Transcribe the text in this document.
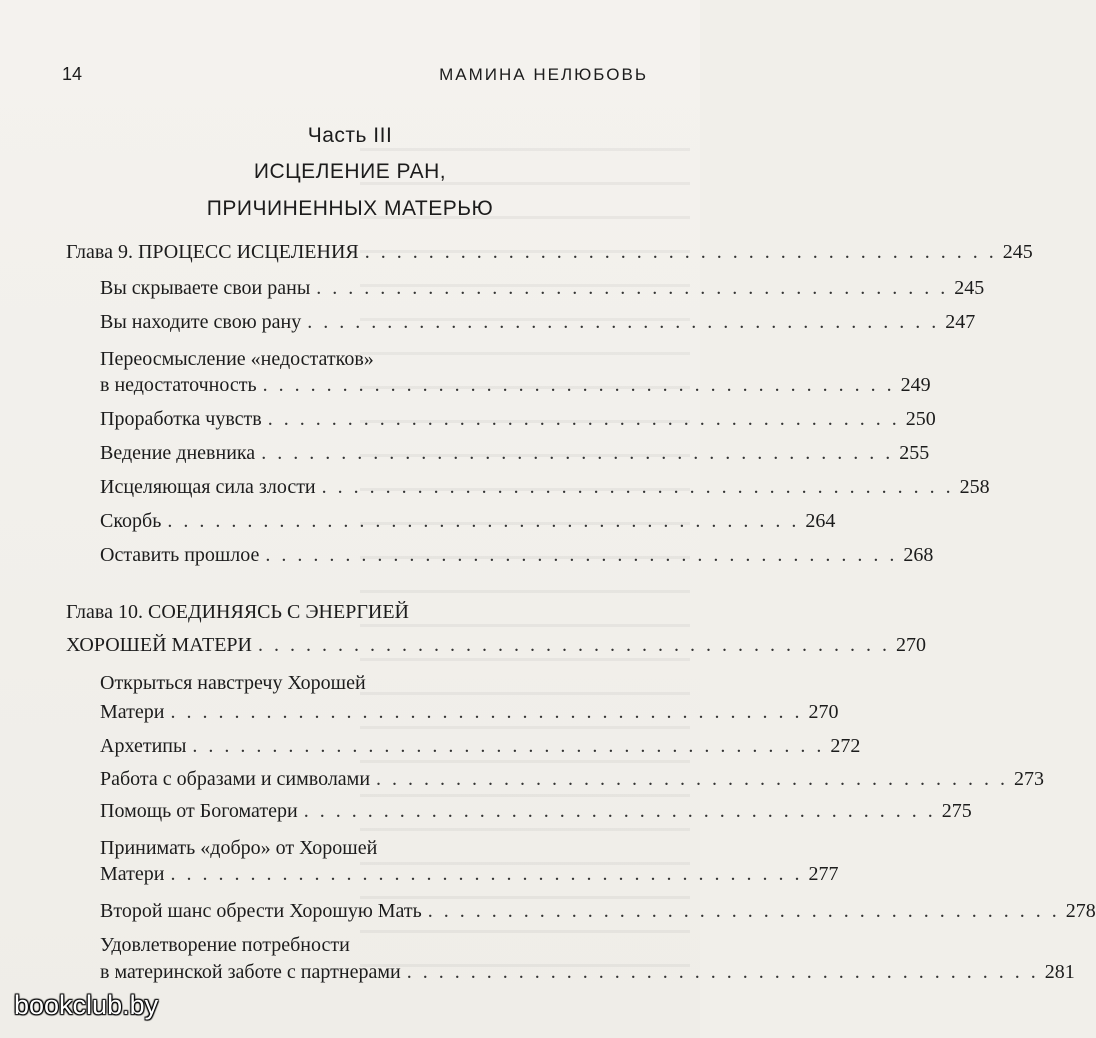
14	МАМИНА НЕЛЮБОВЬ
Часть III
ИСЦЕЛЕНИЕ РАН,
ПРИЧИНЕННЫХ МАТЕРЬЮ
Глава 9. ПРОЦЕСС ИСЦЕЛЕНИЯ . . . . . . . . . . . . . . . . . . . . . . . . . . . . . . . . . . . . . . . . 245
Вы скрываете свои раны . . . . . . . . . . . . . . . . . . . . . . . . . . . . . . . . . . . . . . . . 245
Вы находите свою рану . . . . . . . . . . . . . . . . . . . . . . . . . . . . . . . . . . . . . . . . 247
Переосмысление «недостатков»
в недостаточность . . . . . . . . . . . . . . . . . . . . . . . . . . . . . . . . . . . . . . . . 249
Проработка чувств . . . . . . . . . . . . . . . . . . . . . . . . . . . . . . . . . . . . . . . . 250
Ведение дневника . . . . . . . . . . . . . . . . . . . . . . . . . . . . . . . . . . . . . . . . 255
Исцеляющая сила злости . . . . . . . . . . . . . . . . . . . . . . . . . . . . . . . . . . . . . . . . 258
Скорбь . . . . . . . . . . . . . . . . . . . . . . . . . . . . . . . . . . . . . . . . 264
Оставить прошлое . . . . . . . . . . . . . . . . . . . . . . . . . . . . . . . . . . . . . . . . 268
Глава 10. СОЕДИНЯЯСЬ С ЭНЕРГИЕЙ
ХОРОШЕЙ МАТЕРИ . . . . . . . . . . . . . . . . . . . . . . . . . . . . . . . . . . . . . . . . 270
Открыться навстречу Хорошей
Матери . . . . . . . . . . . . . . . . . . . . . . . . . . . . . . . . . . . . . . . . 270
Архетипы . . . . . . . . . . . . . . . . . . . . . . . . . . . . . . . . . . . . . . . . 272
Работа с образами и символами . . . . . . . . . . . . . . . . . . . . . . . . . . . . . . . . . . . . . . . . 273
Помощь от Богоматери . . . . . . . . . . . . . . . . . . . . . . . . . . . . . . . . . . . . . . . . 275
Принимать «добро» от Хорошей
Матери . . . . . . . . . . . . . . . . . . . . . . . . . . . . . . . . . . . . . . . . 277
Второй шанс обрести Хорошую Мать . . . . . . . . . . . . . . . . . . . . . . . . . . . . . . . . . . . . . . . . 278
Удовлетворение потребности
в материнской заботе с партнерами . . . . . . . . . . . . . . . . . . . . . . . . . . . . . . . . . . . . . . . . 281
bookclub.by
